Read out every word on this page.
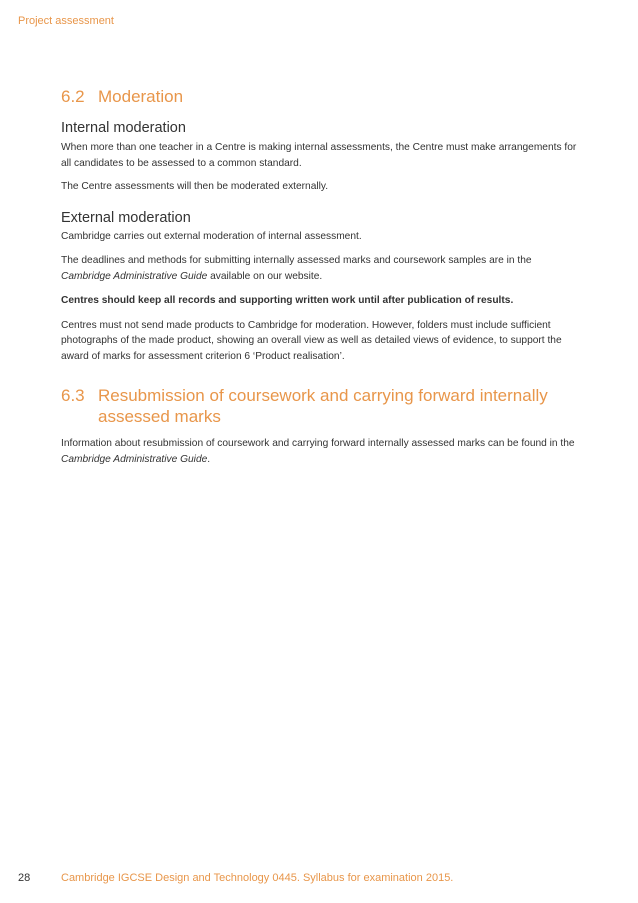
Project assessment
6.2 Moderation
Internal moderation

When more than one teacher in a Centre is making internal assessments, the Centre must make arrangements for all candidates to be assessed to a common standard.

The Centre assessments will then be moderated externally.

External moderation

Cambridge carries out external moderation of internal assessment.

The deadlines and methods for submitting internally assessed marks and coursework samples are in the Cambridge Administrative Guide available on our website.

Centres should keep all records and supporting written work until after publication of results.

Centres must not send made products to Cambridge for moderation. However, folders must include sufficient photographs of the made product, showing an overall view as well as detailed views of evidence, to support the award of marks for assessment criterion 6 ‘Product realisation’.

6.3 Resubmission of coursework and carrying forward internally assessed marks

Information about resubmission of coursework and carrying forward internally assessed marks can be found in the Cambridge Administrative Guide.

28	Cambridge IGCSE Design and Technology 0445. Syllabus for examination 2015.
